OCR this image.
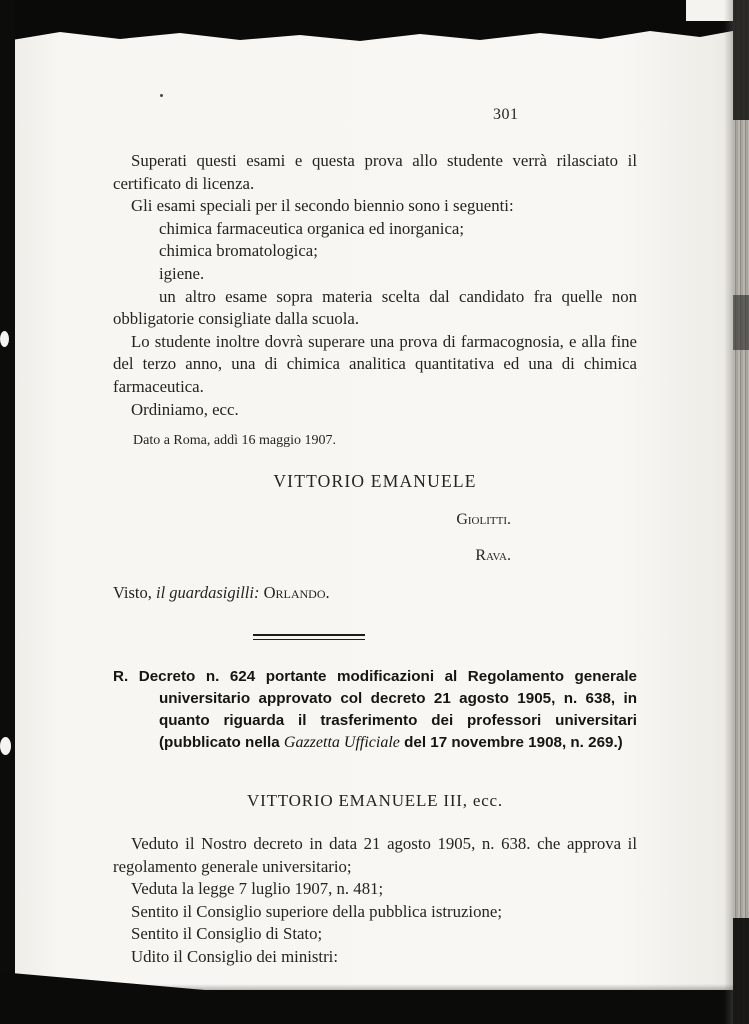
301

Superati questi esami e questa prova allo studente verrà rilasciato il certificato di licenza.

Gli esami speciali per il secondo biennio sono i seguenti:

chimica farmaceutica organica ed inorganica;

chimica bromatologica;

igiene.

un altro esame sopra materia scelta dal candidato fra quelle non obbligatorie consigliate dalla scuola.

Lo studente inoltre dovrà superare una prova di farmacognosia, e alla fine del terzo anno, una di chimica analitica quantitativa ed una di chimica farmaceutica.

Ordiniamo, ecc.

Dato a Roma, addì 16 maggio 1907.

VITTORIO EMANUELE

Giolitti.

Rava.

Visto, il guardasigilli: Orlando.

R. Decreto n. 624 portante modificazioni al Regolamento generale universitario approvato col decreto 21 agosto 1905, n. 638, in quanto riguarda il trasferimento dei professori universitari (pubblicato nella Gazzetta Ufficiale del 17 novembre 1908, n. 269.)

VITTORIO EMANUELE III, ecc.

Veduto il Nostro decreto in data 21 agosto 1905, n. 638. che approva il regolamento generale universitario;

Veduta la legge 7 luglio 1907, n. 481;

Sentito il Consiglio superiore della pubblica istruzione;

Sentito il Consiglio di Stato;

Udito il Consiglio dei ministri:
